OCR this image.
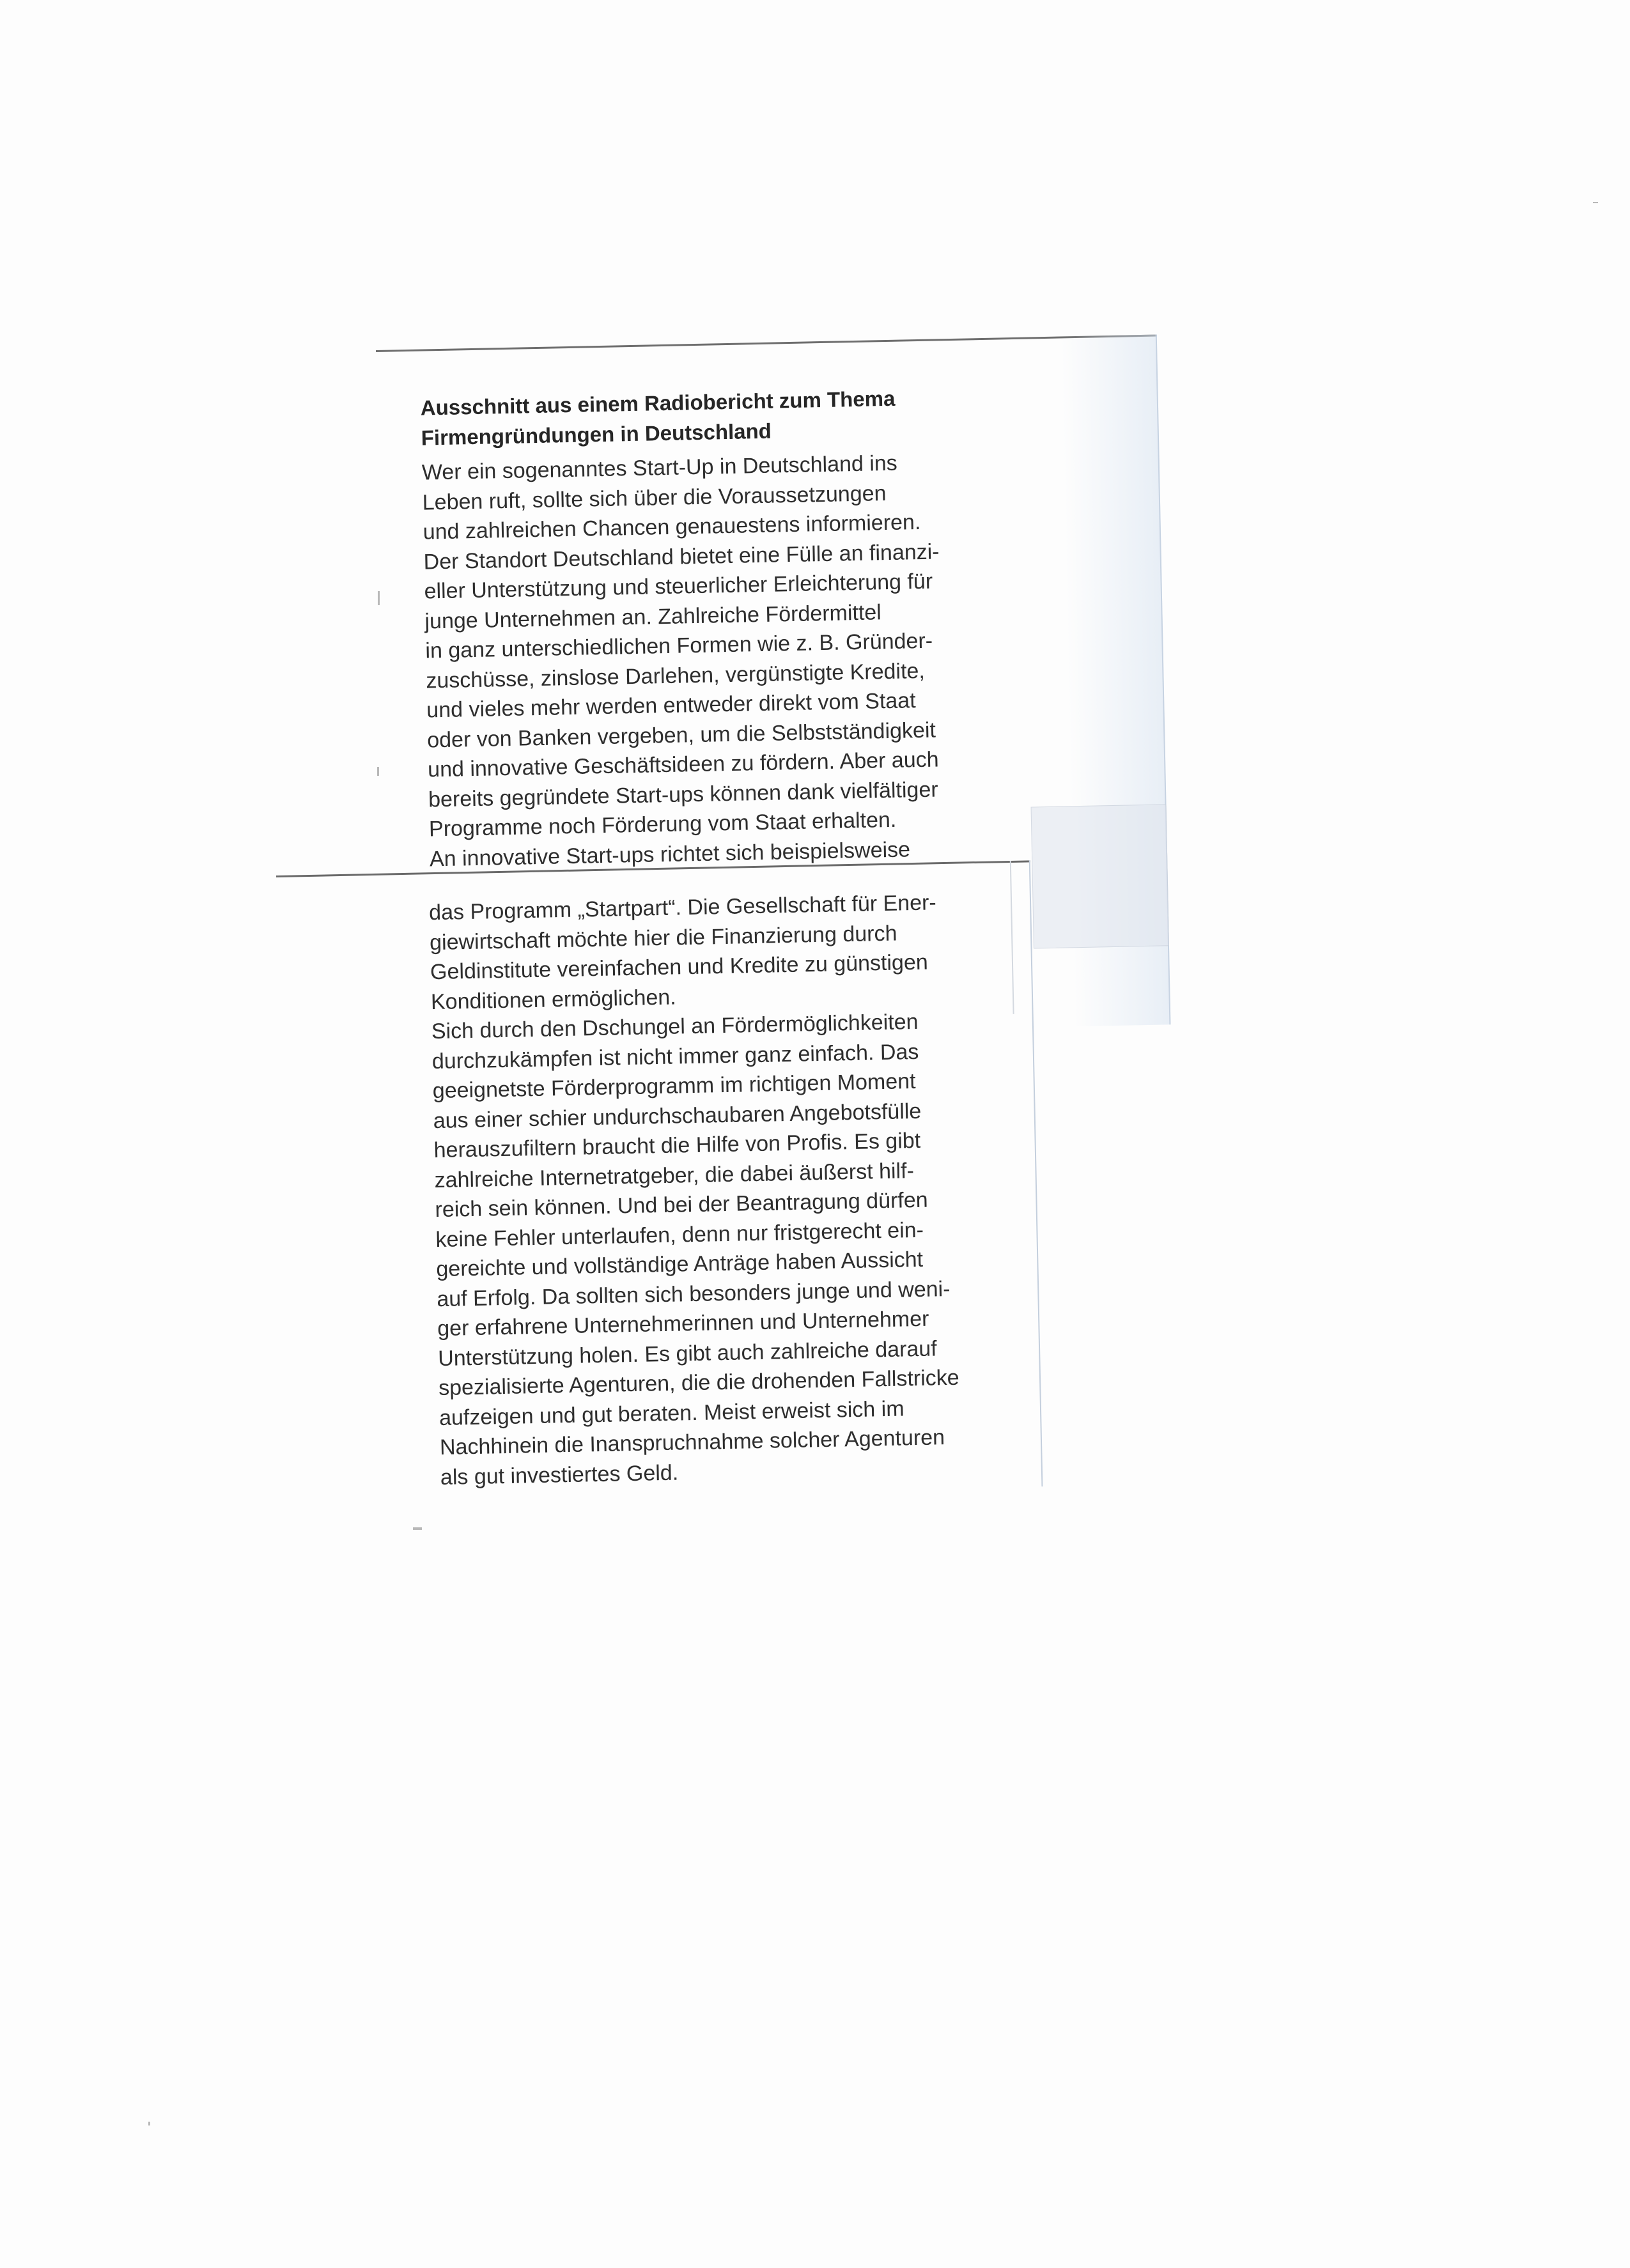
Ausschnitt aus einem Radiobericht zum Thema
Firmengründungen in Deutschland
Wer ein sogenanntes Start-Up in Deutschland ins
Leben ruft, sollte sich über die Voraussetzungen
und zahlreichen Chancen genauestens informieren.
Der Standort Deutschland bietet eine Fülle an finanzi-
eller Unterstützung und steuerlicher Erleichterung für
junge Unternehmen an. Zahlreiche Fördermittel
in ganz unterschiedlichen Formen wie z. B. Gründer-
zuschüsse, zinslose Darlehen, vergünstigte Kredite,
und vieles mehr werden entweder direkt vom Staat
oder von Banken vergeben, um die Selbstständigkeit
und innovative Geschäftsideen zu fördern. Aber auch
bereits gegründete Start-ups können dank vielfältiger
Programme noch Förderung vom Staat erhalten.
An innovative Start-ups richtet sich beispielsweise
das Programm „Startpart“. Die Gesellschaft für Ener-
giewirtschaft möchte hier die Finanzierung durch
Geldinstitute vereinfachen und Kredite zu günstigen
Konditionen ermöglichen.
Sich durch den Dschungel an Fördermöglichkeiten
durchzukämpfen ist nicht immer ganz einfach. Das
geeignetste Förderprogramm im richtigen Moment
aus einer schier undurchschaubaren Angebotsfülle
herauszufiltern braucht die Hilfe von Profis. Es gibt
zahlreiche Internetratgeber, die dabei äußerst hilf-
reich sein können. Und bei der Beantragung dürfen
keine Fehler unterlaufen, denn nur fristgerecht ein-
gereichte und vollständige Anträge haben Aussicht
auf Erfolg. Da sollten sich besonders junge und weni-
ger erfahrene Unternehmerinnen und Unternehmer
Unterstützung holen. Es gibt auch zahlreiche darauf
spezialisierte Agenturen, die die drohenden Fallstricke
aufzeigen und gut beraten. Meist erweist sich im
Nachhinein die Inanspruchnahme solcher Agenturen
als gut investiertes Geld.
